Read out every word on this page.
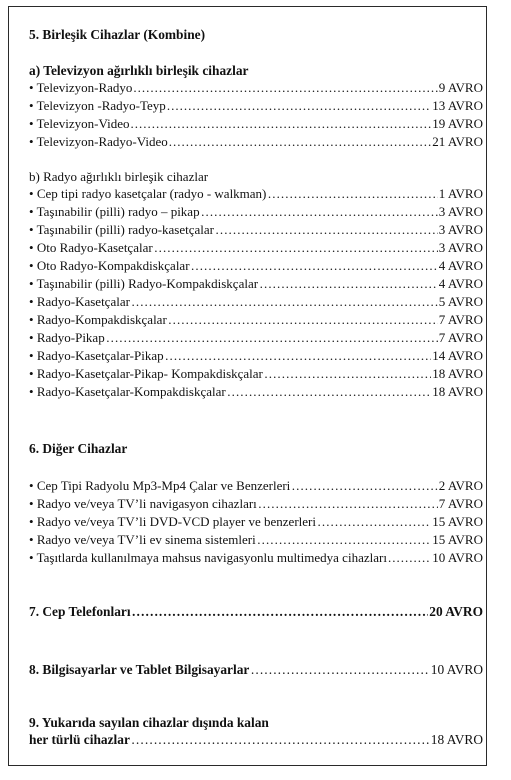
5. Birleşik Cihazlar (Kombine)
a) Televizyon ağırlıklı birleşik cihazlar
• Televizyon-Radyo .....	9 AVRO
• Televizyon -Radyo-Teyp .....	13 AVRO
• Televizyon-Video .....	19 AVRO
• Televizyon-Radyo-Video .....	21 AVRO
b) Radyo ağırlıklı birleşik cihazlar
• Cep tipi radyo kasetçalar (radyo - walkman) …………………………………………………………………………………………………………………………………………………………………………………………	1 AVRO
• Taşınabilir (pilli) radyo – pikap …………………………………………………………………………………………………………………………………………………………………………………………	3 AVRO
• Taşınabilir (pilli) radyo-kasetçalar …………………………………………………………………………………………………………………………………………………………………………………………	3 AVRO
• Oto Radyo-Kasetçalar …………………………………………………………………………………………………………………………………………………………………………………………	3 AVRO
• Oto Radyo-Kompakdiskçalar …………………………………………………………………………………………………………………………………………………………………………………………	4 AVRO
• Taşınabilir (pilli) Radyo-Kompakdiskçalar …………………………………………………………………………………………………………………………………………………………………………………………	4 AVRO
• Radyo-Kasetçalar …………………………………………………………………………………………………………………………………………………………………………………………	5 AVRO
• Radyo-Kompakdiskçalar …………………………………………………………………………………………………………………………………………………………………………………………	7 AVRO
• Radyo-Pikap …………………………………………………………………………………………………………………………………………………………………………………………	7 AVRO
• Radyo-Kasetçalar-Pikap …………………………………………………………………………………………………………………………………………………………………………………………	14 AVRO
• Radyo-Kasetçalar-Pikap- Kompakdiskçalar …………………………………………………………………………………………………………………………………………………………………………………………	18 AVRO
• Radyo-Kasetçalar-Kompakdiskçalar …………………………………………………………………………………………………………………………………………………………………………………………	18 AVRO
6. Diğer Cihazlar
• Cep Tipi Radyolu Mp3-Mp4 Çalar ve Benzerleri …………………………………………………………………………………………………………………………………………………………………………………………	2 AVRO
• Radyo ve/veya TV’li navigasyon cihazları …………………………………………………………………………………………………………………………………………………………………………………………	7 AVRO
• Radyo ve/veya TV’li DVD-VCD player ve benzerleri …………………………………………………………………………………………………………………………………………………………………………………………	15 AVRO
• Radyo ve/veya TV’li ev sinema sistemleri …………………………………………………………………………………………………………………………………………………………………………………………	15 AVRO
• Taşıtlarda kullanılmaya mahsus navigasyonlu multimedya cihazları .....	10 AVRO
7. Cep Telefonları …………………………………………………………………………………………………………………………………………………………………………………………	20 AVRO
8. Bilgisayarlar ve Tablet Bilgisayarlar …………………………………………………………………………………………………………………………………………………………………………………………	10 AVRO
9. Yukarıda sayılan cihazlar dışında kalan
her türlü cihazlar …………………………………………………………………………………………………………………………………………………………………………………………	18 AVRO
